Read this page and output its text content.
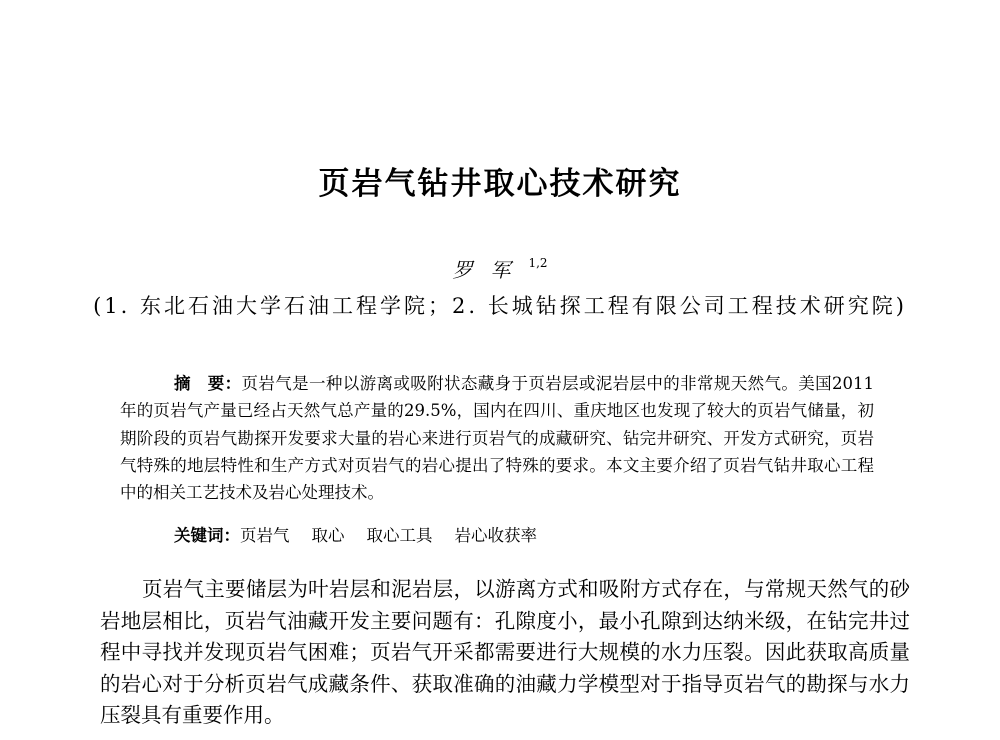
页岩气钻井取心技术研究

罗军$^{1,2}$

(1. 东北石油大学石油工程学院；2. 长城钻探工程有限公司工程技术研究院)

摘　要：页岩气是一种以游离或吸附状态藏身于页岩层或泥岩层中的非常规天然气。美国2011年的页岩气产量已经占天然气总产量的29.5%，国内在四川、重庆地区也发现了较大的页岩气储量，初期阶段的页岩气勘探开发要求大量的岩心来进行页岩气的成藏研究、钻完井研究、开发方式研究，页岩气特殊的地层特性和生产方式对页岩气的岩心提出了特殊的要求。本文主要介绍了页岩气钻井取心工程中的相关工艺技术及岩心处理技术。

关键词：页岩气 取心 取心工具 岩心收获率

页岩气主要储层为叶岩层和泥岩层，以游离方式和吸附方式存在，与常规天然气的砂岩地层相比，页岩气油藏开发主要问题有：孔隙度小，最小孔隙到达纳米级，在钻完井过程中寻找并发现页岩气困难；页岩气开采都需要进行大规模的水力压裂。因此获取高质量的岩心对于分析页岩气成藏条件、获取准确的油藏力学模型对于指导页岩气的勘探与水力压裂具有重要作用。
